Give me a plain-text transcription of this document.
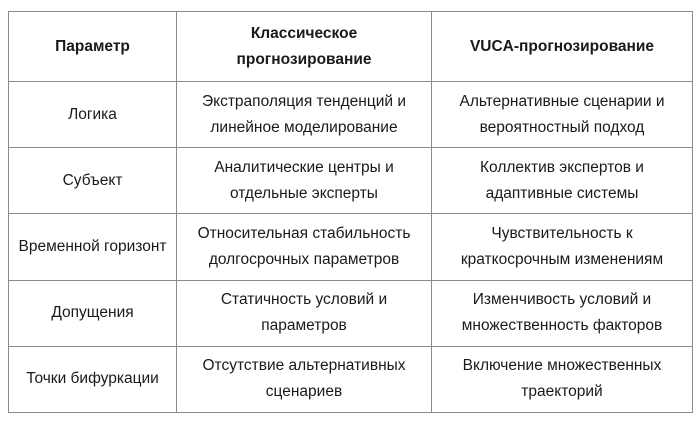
Параметр	Классическое прогнозирование	VUCA-прогнозирование

Логика	Экстраполяция тенденций и линейное моделирование	Альтернативные сценарии и вероятностный подход
Субъект	Аналитические центры и отдельные эксперты	Коллектив экспертов и адаптивные системы
Временной горизонт	Относительная стабильность долгосрочных параметров	Чувствительность к краткосрочным изменениям
Допущения	Статичность условий и параметров	Изменчивость условий и множественность факторов
Точки бифуркации	Отсутствие альтернативных сценариев	Включение множественных траекторий
